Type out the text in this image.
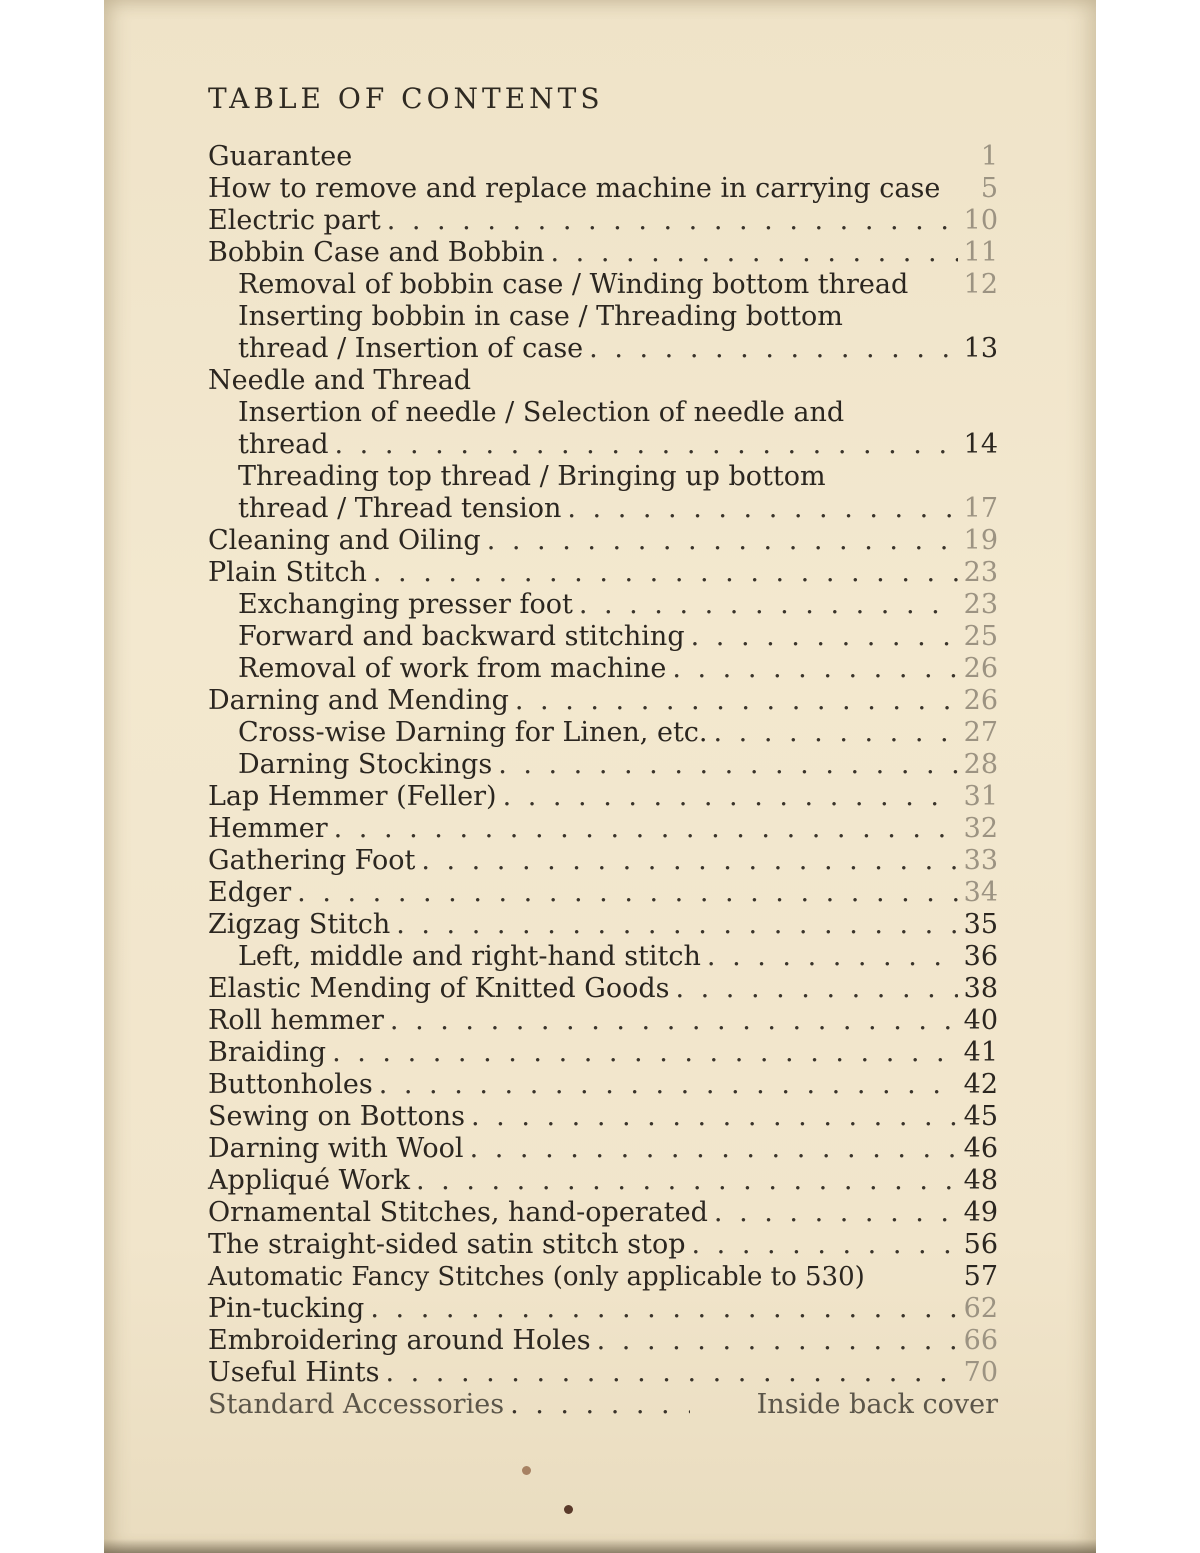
TABLE OF CONTENTS
Guarantee	1
How to remove and replace machine in carrying case	5
Electric part . . .	10
Bobbin Case and Bobbin . . .	11
Removal of bobbin case / Winding bottom thread 12
Inserting bobbin in case / Threading bottom
thread / Insertion of case . . .	13
Needle and Thread
Insertion of needle / Selection of needle and
thread . . .	14
Threading top thread / Bringing up bottom
thread / Thread tension . . .	17
Cleaning and Oiling . . .	19
Plain Stitch . . .	23
Exchanging presser foot . . .	23
Forward and backward stitching . . .	25
Removal of work from machine . . .	26
Darning and Mending . . .	26
Cross-wise Darning for Linen, etc. . . .	27
Darning Stockings . . .	28
Lap Hemmer (Feller) . . .	31
Hemmer . . .	32
Gathering Foot . . .	33
Edger . . .	34
Zigzag Stitch . . .	35
Left, middle and right-hand stitch . . .	36
Elastic Mending of Knitted Goods . . .	38
Roll hemmer . . .	40
Braiding . . .	41
Buttonholes . . .	42
Sewing on Bottons . . .	45
Darning with Wool . . .	46
Appliqué Work . . .	48
Ornamental Stitches, hand-operated . . .	49
The straight-sided satin stitch stop . . .	56
Automatic Fancy Stitches (only applicable to 530)	57
Pin-tucking . . .	62
Embroidering around Holes . . .	66
Useful Hints . . .	70
Standard Accessories . . .	Inside back cover
